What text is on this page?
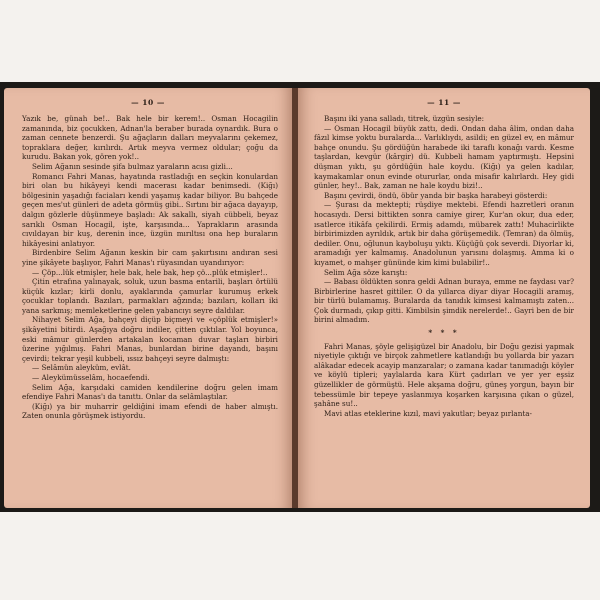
— 10 —

Yazık be, günah be!.. Bak hele bir kerem!.. Osman Hocagilin zamanında, biz çocukken, Adnan'la beraber burada oynardık. Bura o zaman cennete benzerdi. Şu ağaçların dalları meyvalarını çekemez, topraklara değer, kırılırdı. Artık meyva vermez oldular; çoğu da kurudu. Bakan yok, gören yok!..

Selim Ağanın sesinde şifa bulmaz yaraların acısı gizli...

Romancı Fahri Manas, hayatında rastladığı en seçkin konulardan biri olan bu hikâyeyi kendi macerası kadar benimsedi. (Kiğı) bölgesinin yaşadığı faciaları kendi yaşamış kadar biliyor. Bu bahçede geçen mes'ut günleri de adeta görmüş gibi.. Sırtını bir ağaca dayayıp, dalgın gözlerle düşünmeye başladı: Ak sakallı, siyah cübbeli, beyaz sarıklı Osman Hocagil, işte, karşısında... Yaprakların arasında cıvıldayan bir kuş, derenin ince, üzgün mırıltısı ona hep buraların hikâyesini anlatıyor.

Birdenbire Selim Ağanın keskin bir cam şakırtısını andıran sesi yine şikâyete başlıyor, Fahri Manas'ı rüyasından uyandırıyor:

— Çöp...lük etmişler, hele bak, hele bak, hep çö...plük etmişler!..

Çitin etrafına yalınayak, soluk, uzun basma entarili, başları örtülü küçük kızlar; kirli donlu, ayaklarında çamurlar kurumuş erkek çocuklar toplandı. Bazıları, parmakları ağzında; bazıları, kolları iki yana sarkmış; memleketlerine gelen yabancıyı seyre daldılar.

Nihayet Selim Ağa, bahçeyi diçüp biçmeyi ve «çöplük etmişler!» şikâyetini bitirdi. Aşağıya doğru indiler, çitten çıktılar. Yol boyunca, eski mâmur günlerden artakalan kocaman duvar taşları birbiri üzerine yığılmış. Fahri Manas, bunlardan birine dayandı, başını çevirdi; tekrar yeşil kubbeli, ıssız bahçeyi seyre dalmıştı:

— Selâmün aleyküm, evlât.

— Aleykümüsselâm, hocaefendi.

Selim Ağa, karşıdaki camiden kendilerine doğru gelen imam efendiye Fahri Manas'ı da tanıttı. Onlar da selâmlaştılar.

(Kiğı) ya bir muharrir geldiğini imam efendi de haber almıştı. Zaten onunla görüşmek istiyordu.

— 11 —

Başını iki yana salladı, titrek, üzgün sesiyle:

— Osman Hocagil büyük zattı, dedi. Ondan daha âlim, ondan daha fâzıl kimse yoktu buralarda... Varlıklıydı, asildi; en güzel ev, en mâmur bahçe onundu. Şu gördüğün harabede iki taraflı konağı vardı. Kesme taşlardan, kevgür (kârgir) dü. Kubbeli hamam yaptırmıştı. Hepsini düşman yıktı, şu gördüğün hale koydu. (Kiğı) ya gelen kadılar, kaymakamlar onun evinde otururlar, onda misafir kalırlardı. Hey gidi günler, hey!.. Bak, zaman ne hale koydu bizi!..

Başını çevirdi, öndü, öbür yanda bir başka harabeyi gösterdi:

— Şurası da mektepti; rüşdiye mektebi. Efendi hazretleri oranın hocasıydı. Dersi bittikten sonra camiye girer, Kur'an okur, dua eder, ısatlerce itikâfa çekilirdi. Ermiş adamdı, mübarek zattı! Muhacirlikte birbirimizden ayrıldık, artık bir daha görüşemedik. (Temran) da ölmüş, dediler. Onu, oğlunun kayboluşu yıktı. Küçüğü çok severdi. Diyorlar ki, aramadığı yer kalmamış. Anadolunun yarısını dolaşmış. Amma ki o kıyamet, o mahşer gününde kim kimi bulabilir!..

Selim Ağa söze karıştı:

— Babası öldükten sonra geldi Adnan buraya, emme ne faydası var? Birbirlerine hasret gittiler. O da yıllarca diyar diyar Hocagili aramış, bir türlü bulamamış. Buralarda da tanıdık kimsesi kalmamıştı zaten... Çok durmadı, çıkıp gitti. Kimbilsin şimdik nerelerde!.. Gayri ben de bir birini almadım.

* * *

Fahri Manas, şöyle gelişigüzel bir Anadolu, bir Doğu gezisi yapmak niyetiyle çıktığı ve birçok zahmetlere katlandığı bu yollarda bir yazarı alâkadar edecek acayip manzaralar; o zamana kadar tanımadığı köyler ve köylü tipleri; yaylalarda kara Kürt çadırları ve yer yer eşsiz güzellikler de görmüştü. Hele akşama doğru, güneş yorgun, bayın bir tebessümle bir tepeye yaslanmıya koşarken karşısına çıkan o güzel, şahâne su!..

Mavi atlas eteklerine kızıl, mavi yakutlar; beyaz pırlanta-
